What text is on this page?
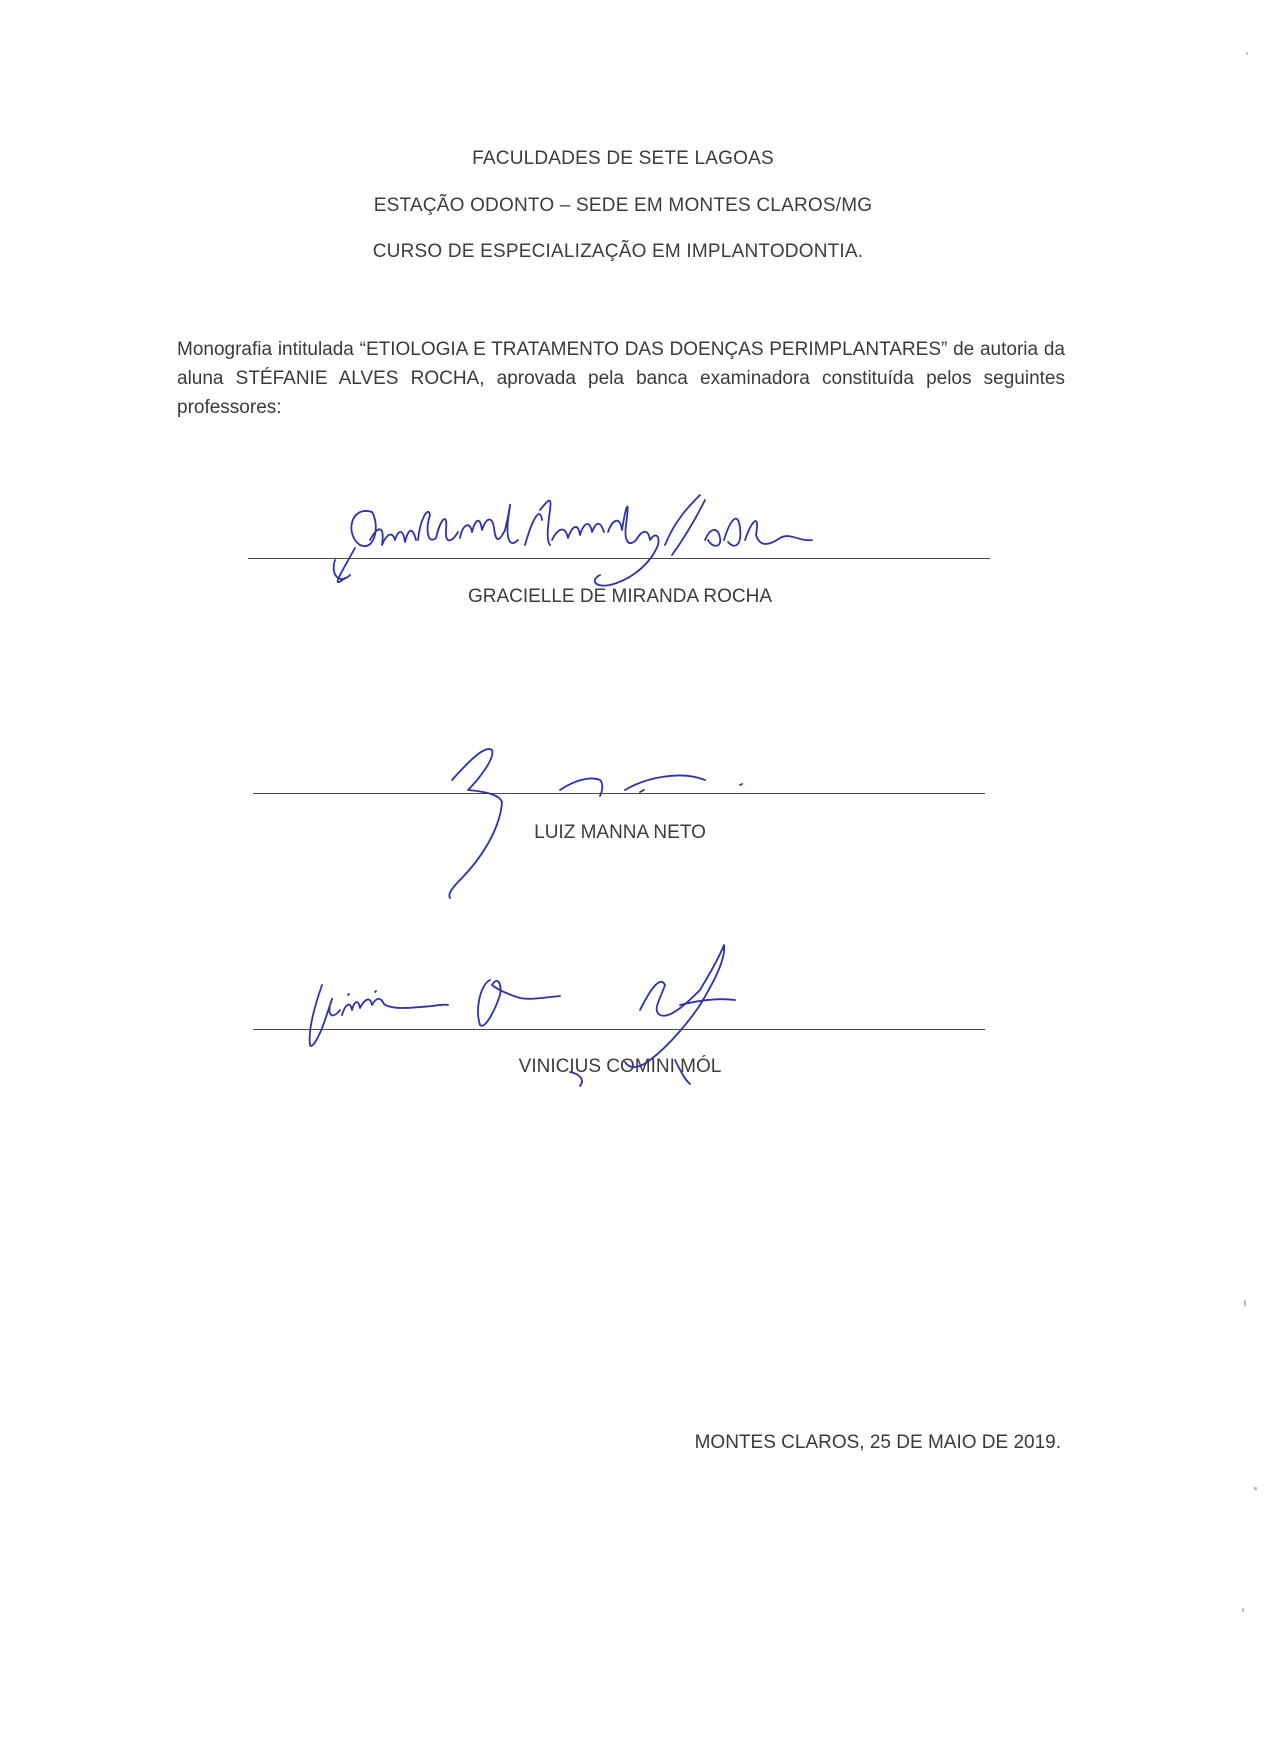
FACULDADES DE SETE LAGOAS
ESTAÇÃO ODONTO – SEDE EM MONTES CLAROS/MG
CURSO DE ESPECIALIZAÇÃO EM IMPLANTODONTIA.
Monografia intitulada “ETIOLOGIA E TRATAMENTO DAS DOENÇAS PERIMPLANTARES” de autoria da aluna STÉFANIE ALVES ROCHA, aprovada pela banca examinadora constituída pelos seguintes professores:
GRACIELLE DE MIRANDA ROCHA
LUIZ MANNA NETO
VINICIUS COMINI MÓL
MONTES CLAROS, 25 DE MAIO DE 2019.
